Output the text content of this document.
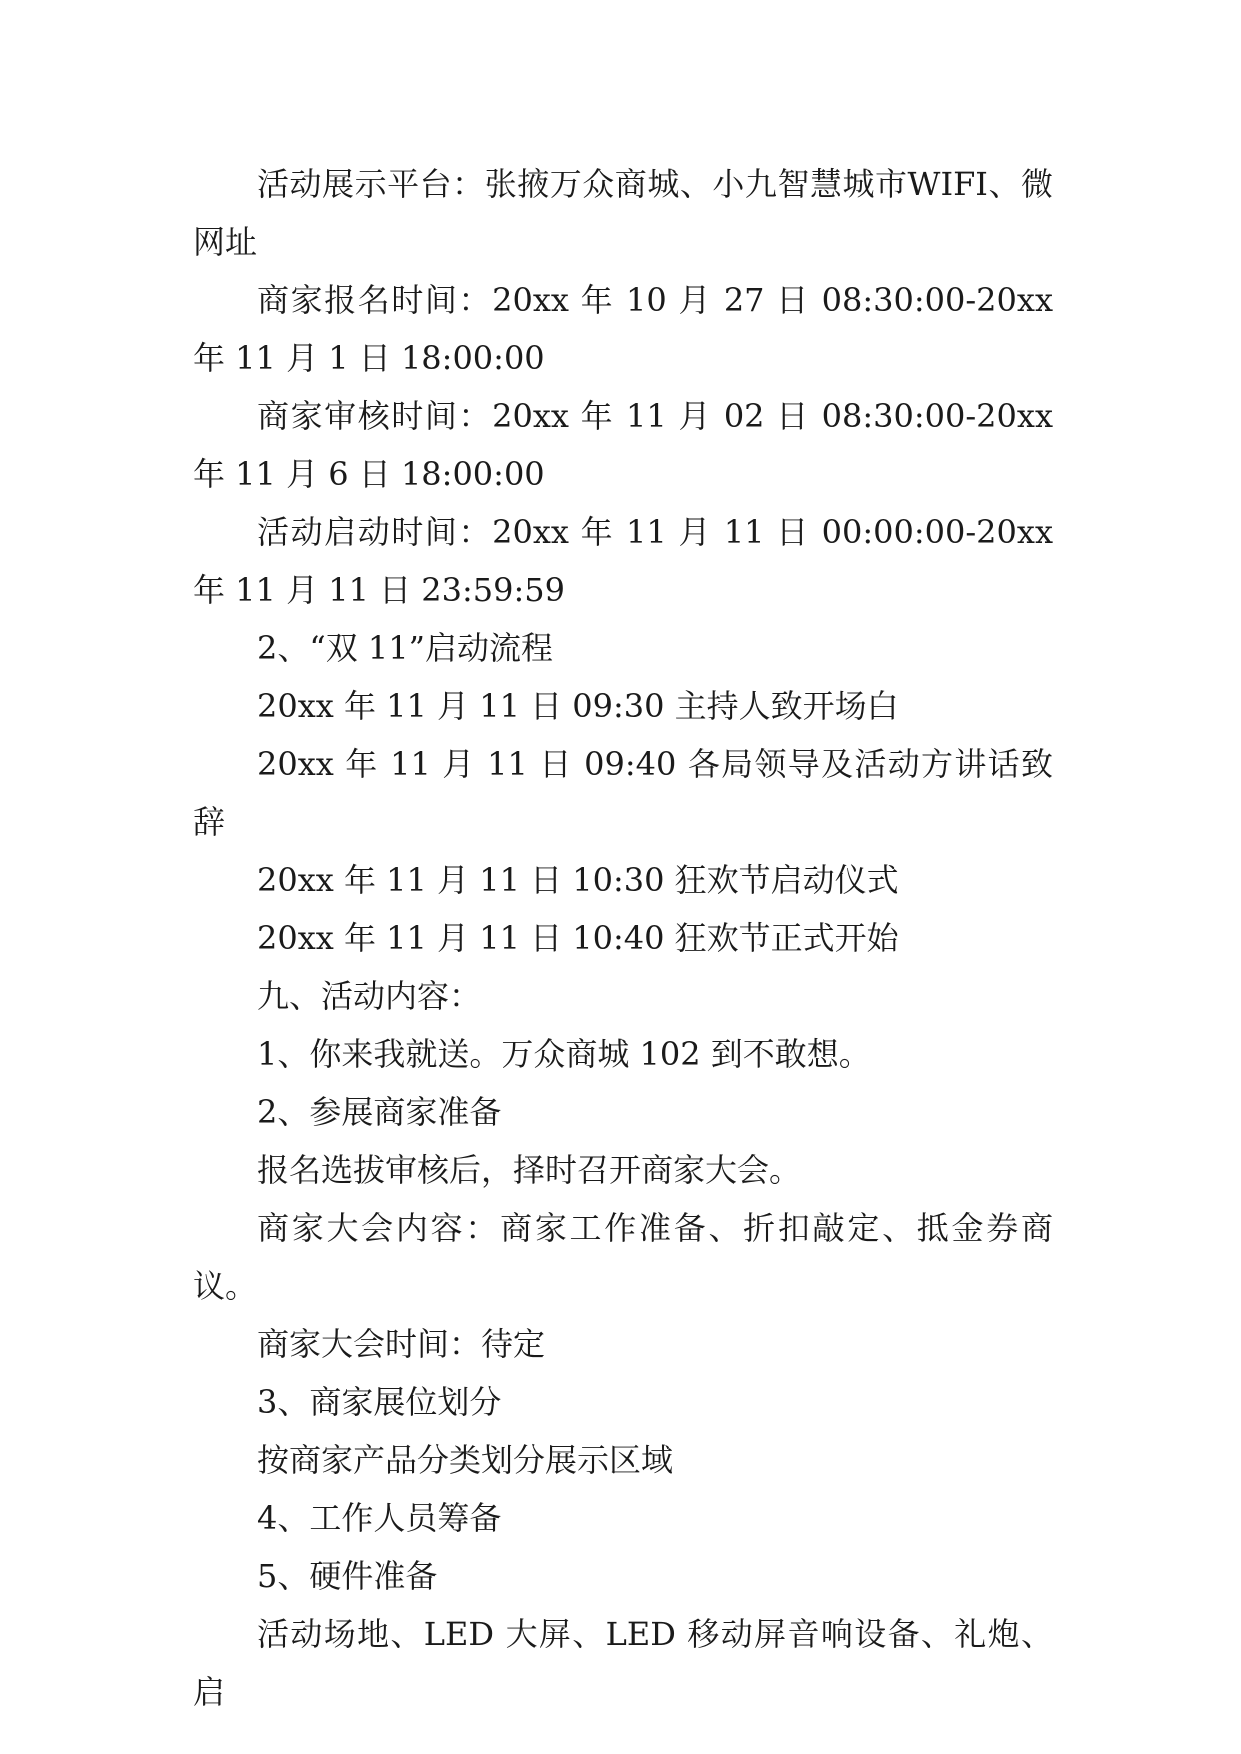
活动展示平台：张掖万众商城、小九智慧城市WIFI、微网址

商家报名时间：20xx 年 10 月 27 日 08:30:00-20xx 年 11 月 1 日 18:00:00

商家审核时间：20xx 年 11 月 02 日 08:30:00-20xx 年 11 月 6 日 18:00:00

活动启动时间：20xx 年 11 月 11 日 00:00:00-20xx 年 11 月 11 日 23:59:59

2、“双 11”启动流程

20xx 年 11 月 11 日 09:30 主持人致开场白

20xx 年 11 月 11 日 09:40 各局领导及活动方讲话致辞

20xx 年 11 月 11 日 10:30 狂欢节启动仪式

20xx 年 11 月 11 日 10:40 狂欢节正式开始

九、活动内容：

1、你来我就送。万众商城 102 到不敢想。

2、参展商家准备

报名选拔审核后，择时召开商家大会。

商家大会内容：商家工作准备、折扣敲定、抵金券商议。

商家大会时间：待定

3、商家展位划分

按商家产品分类划分展示区域

4、工作人员筹备

5、硬件准备

活动场地、LED 大屏、LED 移动屏音响设备、礼炮、启
